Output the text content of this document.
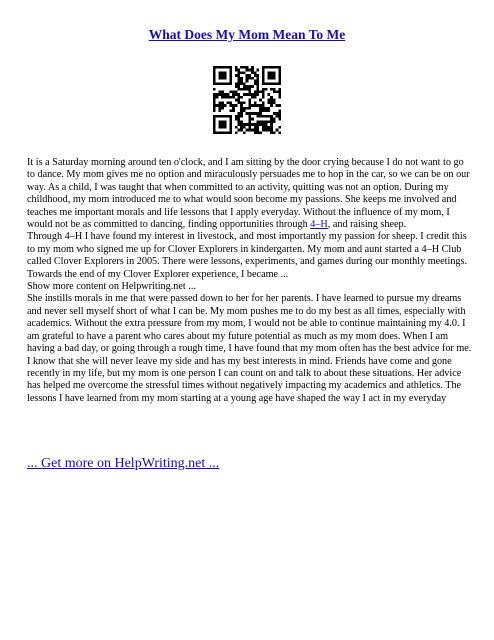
What Does My Mom Mean To Me

It is a Saturday morning around ten o'clock, and I am sitting by the door crying because I do not want to go to dance. My mom gives me no option and miraculously persuades me to hop in the car, so we can be on our way. As a child, I was taught that when committed to an activity, quitting was not an option. During my childhood, my mom introduced me to what would soon become my passions. She keeps me involved and teaches me important morals and life lessons that I apply everyday. Without the influence of my mom, I would not be as committed to dancing, finding opportunities through 4–H, and raising sheep.

Through 4–H I have found my interest in livestock, and most importantly my passion for sheep. I credit this to my mom who signed me up for Clover Explorers in kindergarten. My mom and aunt started a 4–H Club called Clover Explorers in 2005. There were lessons, experiments, and games during our monthly meetings. Towards the end of my Clover Explorer experience, I became ...

Show more content on Helpwriting.net ...

She instills morals in me that were passed down to her for her parents. I have learned to pursue my dreams and never sell myself short of what I can be. My mom pushes me to do my best as all times, especially with academics. Without the extra pressure from my mom, I would not be able to continue maintaining my 4.0. I am grateful to have a parent who cares about my future potential as much as my mom does. When I am having a bad day, or going through a rough time, I have found that my mom often has the best advice for me. I know that she will never leave my side and has my best interests in mind. Friends have come and gone recently in my life, but my mom is one person I can count on and talk to about these situations. Her advice has helped me overcome the stressful times without negatively impacting my academics and athletics. The lessons I have learned from my mom starting at a young age have shaped the way I act in my everyday

... Get more on HelpWriting.net ...
